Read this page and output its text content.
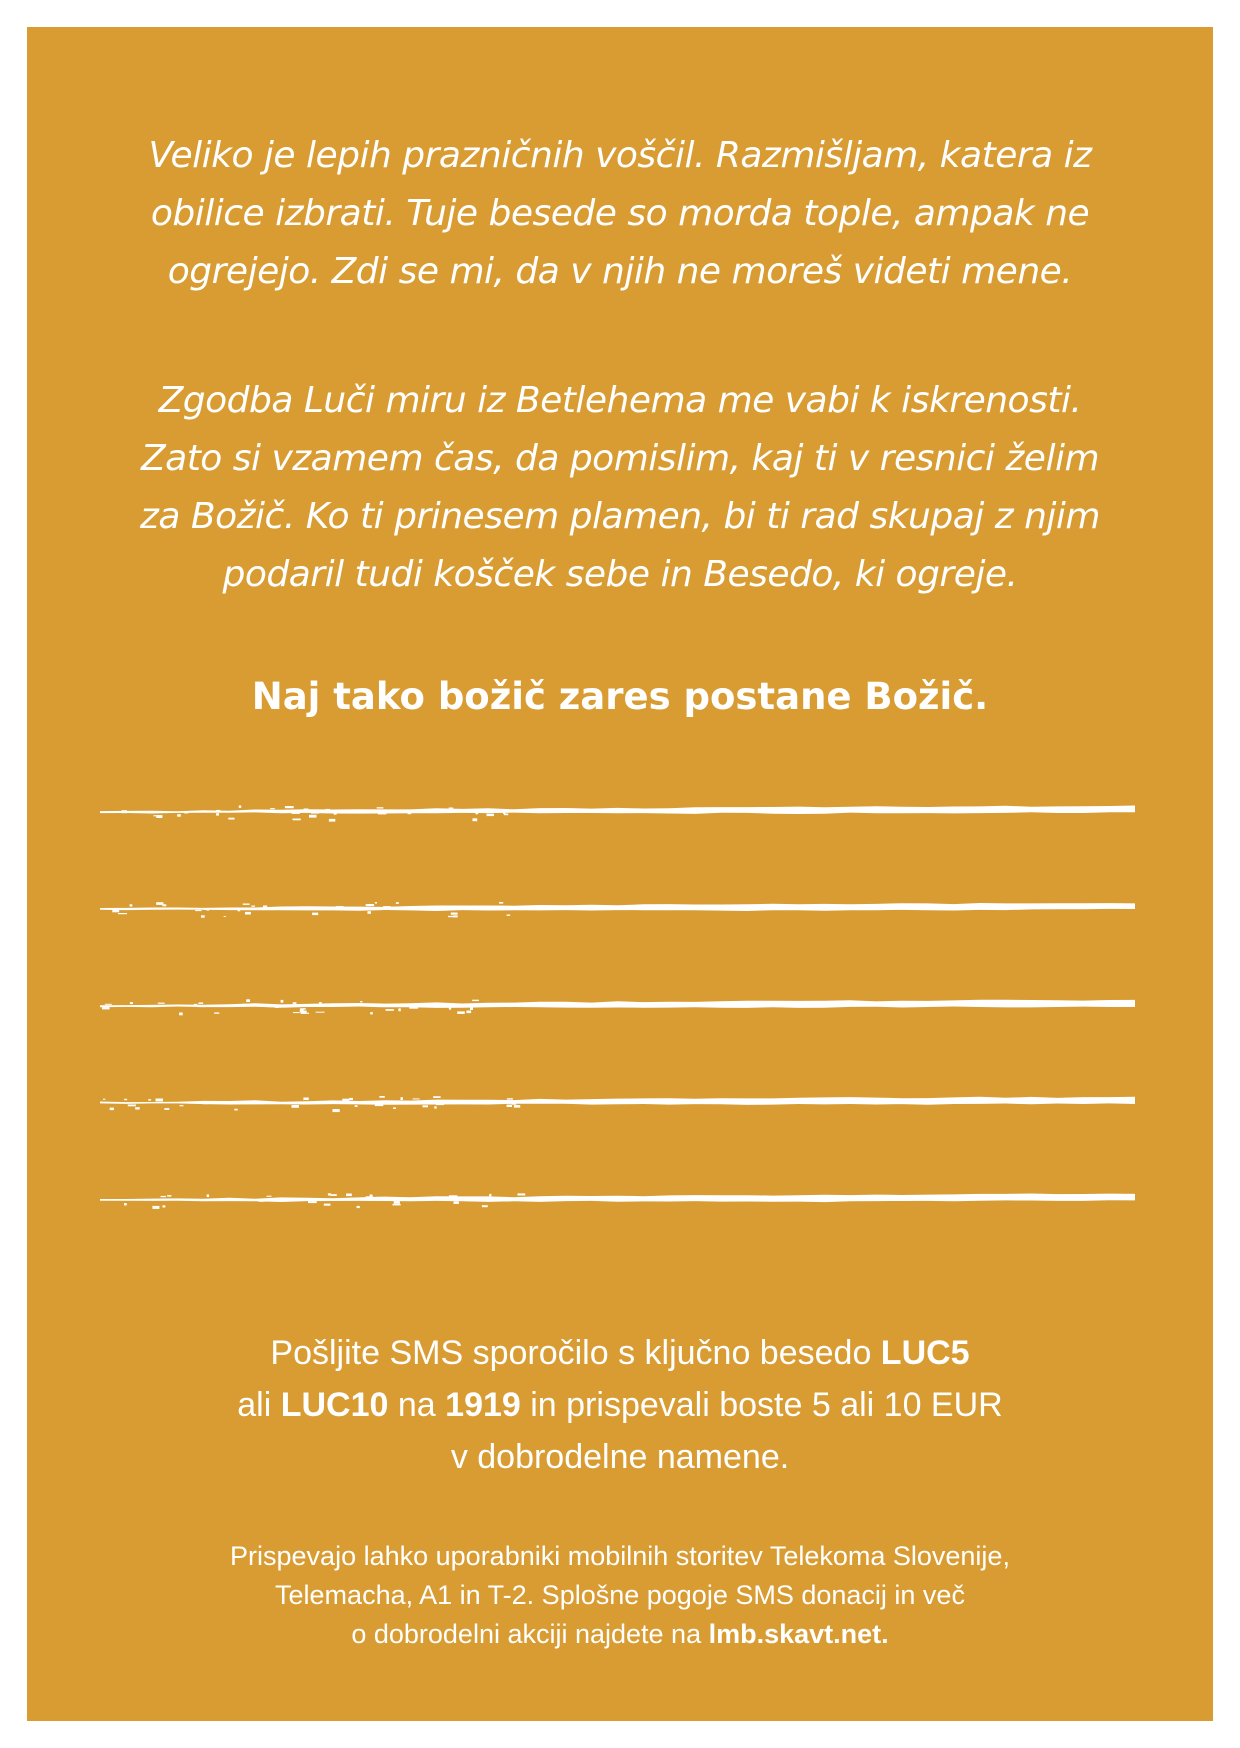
Veliko je lepih prazničnih voščil. Razmišljam, katera iz
obilice izbrati. Tuje besede so morda tople, ampak ne
ogrejejo. Zdi se mi, da v njih ne moreš videti mene.
Zgodba Luči miru iz Betlehema me vabi k iskrenosti.
Zato si vzamem čas, da pomislim, kaj ti v resnici želim
za Božič. Ko ti prinesem plamen, bi ti rad skupaj z njim
podaril tudi košček sebe in Besedo, ki ogreje.
Naj tako božič zares postane Božič.
Pošljite SMS sporočilo s ključno besedo LUC5
ali LUC10 na 1919 in prispevali boste 5 ali 10 EUR
v dobrodelne namene.
Prispevajo lahko uporabniki mobilnih storitev Telekoma Slovenije,
Telemacha, A1 in T-2. Splošne pogoje SMS donacij in več
o dobrodelni akciji najdete na lmb.skavt.net.
